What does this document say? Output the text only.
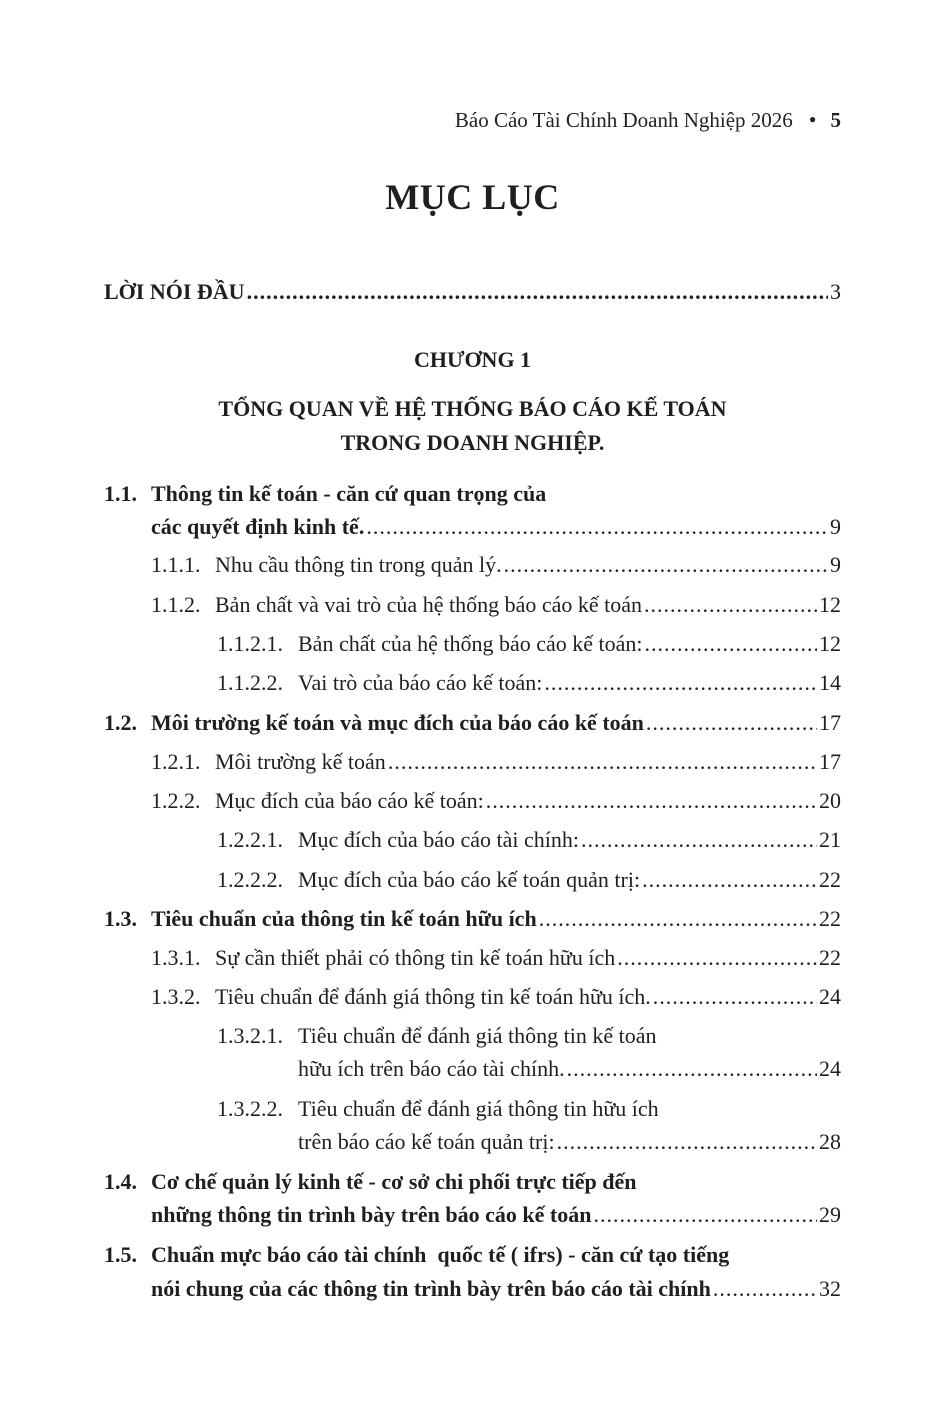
Báo Cáo Tài Chính Doanh Nghiệp 2026 • 5
MỤC LỤC
LỜI NÓI ĐẦU .....	3
CHƯƠNG 1
TỔNG QUAN VỀ HỆ THỐNG BÁO CÁO KẾ TOÁN
TRONG DOANH NGHIỆP.
1.1. Thông tin kế toán - căn cứ quan trọng của
các quyết định kinh tế. .....	9
1.1.1. Nhu cầu thông tin trong quản lý. .....	9
1.1.2. Bản chất và vai trò của hệ thống báo cáo kế toán .....	12
1.1.2.1. Bản chất của hệ thống báo cáo kế toán: .....	12
1.1.2.2. Vai trò của báo cáo kế toán: .....	14
1.2. Môi trường kế toán và mục đích của báo cáo kế toán .....	17
1.2.1. Môi trường kế toán .....	17
1.2.2. Mục đích của báo cáo kế toán: .....	20
1.2.2.1. Mục đích của báo cáo tài chính: .....	21
1.2.2.2. Mục đích của báo cáo kế toán quản trị: .....	22
1.3. Tiêu chuẩn của thông tin kế toán hữu ích .....	22
1.3.1. Sự cần thiết phải có thông tin kế toán hữu ích .....	22
1.3.2. Tiêu chuẩn để đánh giá thông tin kế toán hữu ích. .....	24
1.3.2.1. Tiêu chuẩn để đánh giá thông tin kế toán
hữu ích trên báo cáo tài chính. .....	24
1.3.2.2. Tiêu chuẩn để đánh giá thông tin hữu ích
trên báo cáo kế toán quản trị: .....	28
1.4. Cơ chế quản lý kinh tế - cơ sở chi phối trực tiếp đến
những thông tin trình bày trên báo cáo kế toán .....	29
1.5. Chuẩn mực báo cáo tài chính  quốc tế ( ifrs) - căn cứ tạo tiếng
nói chung của các thông tin trình bày trên báo cáo tài chính .....	32
